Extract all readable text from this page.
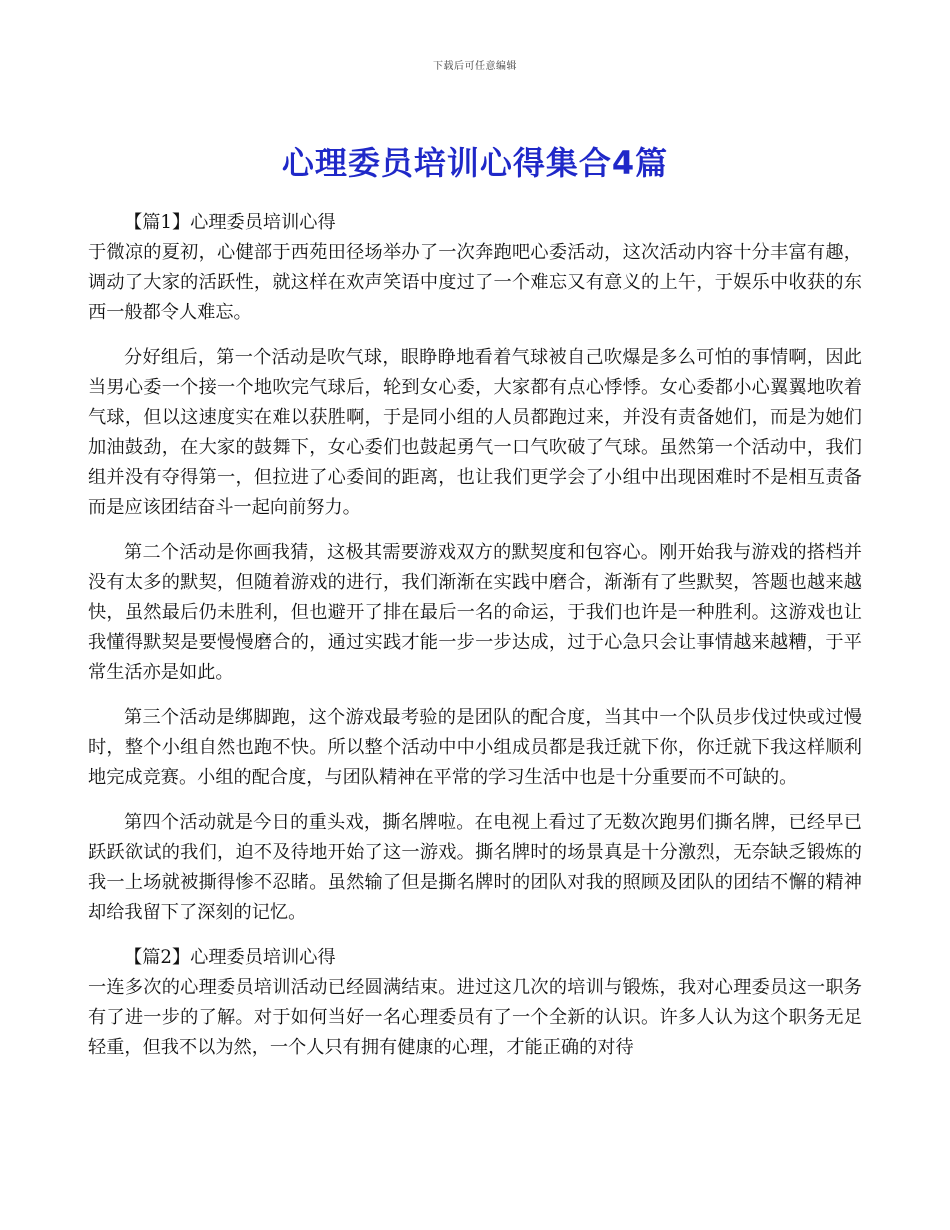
下载后可任意编辑
心理委员培训心得集合4篇

【篇1】心理委员培训心得

于微凉的夏初，心健部于西苑田径场举办了一次奔跑吧心委活动，这次活动内容十分丰富有趣，调动了大家的活跃性，就这样在欢声笑语中度过了一个难忘又有意义的上午，于娱乐中收获的东西一般都令人难忘。

分好组后，第一个活动是吹气球，眼睁睁地看着气球被自己吹爆是多么可怕的事情啊，因此当男心委一个接一个地吹完气球后，轮到女心委，大家都有点心悸悸。女心委都小心翼翼地吹着气球，但以这速度实在难以获胜啊，于是同小组的人员都跑过来，并没有责备她们，而是为她们加油鼓劲，在大家的鼓舞下，女心委们也鼓起勇气一口气吹破了气球。虽然第一个活动中，我们组并没有夺得第一，但拉进了心委间的距离，也让我们更学会了小组中出现困难时不是相互责备而是应该团结奋斗一起向前努力。

第二个活动是你画我猜，这极其需要游戏双方的默契度和包容心。刚开始我与游戏的搭档并没有太多的默契，但随着游戏的进行，我们渐渐在实践中磨合，渐渐有了些默契，答题也越来越快，虽然最后仍未胜利，但也避开了排在最后一名的命运，于我们也许是一种胜利。这游戏也让我懂得默契是要慢慢磨合的，通过实践才能一步一步达成，过于心急只会让事情越来越糟，于平常生活亦是如此。

第三个活动是绑脚跑，这个游戏最考验的是团队的配合度，当其中一个队员步伐过快或过慢时，整个小组自然也跑不快。所以整个活动中中小组成员都是我迁就下你，你迁就下我这样顺利地完成竞赛。小组的配合度，与团队精神在平常的学习生活中也是十分重要而不可缺的。

第四个活动就是今日的重头戏，撕名牌啦。在电视上看过了无数次跑男们撕名牌，已经早已跃跃欲试的我们，迫不及待地开始了这一游戏。撕名牌时的场景真是十分激烈，无奈缺乏锻炼的我一上场就被撕得惨不忍睹。虽然输了但是撕名牌时的团队对我的照顾及团队的团结不懈的精神却给我留下了深刻的记忆。

【篇2】心理委员培训心得

一连多次的心理委员培训活动已经圆满结束。进过这几次的培训与锻炼，我对心理委员这一职务有了进一步的了解。对于如何当好一名心理委员有了一个全新的认识。许多人认为这个职务无足轻重，但我不以为然，一个人只有拥有健康的心理，才能正确的对待
